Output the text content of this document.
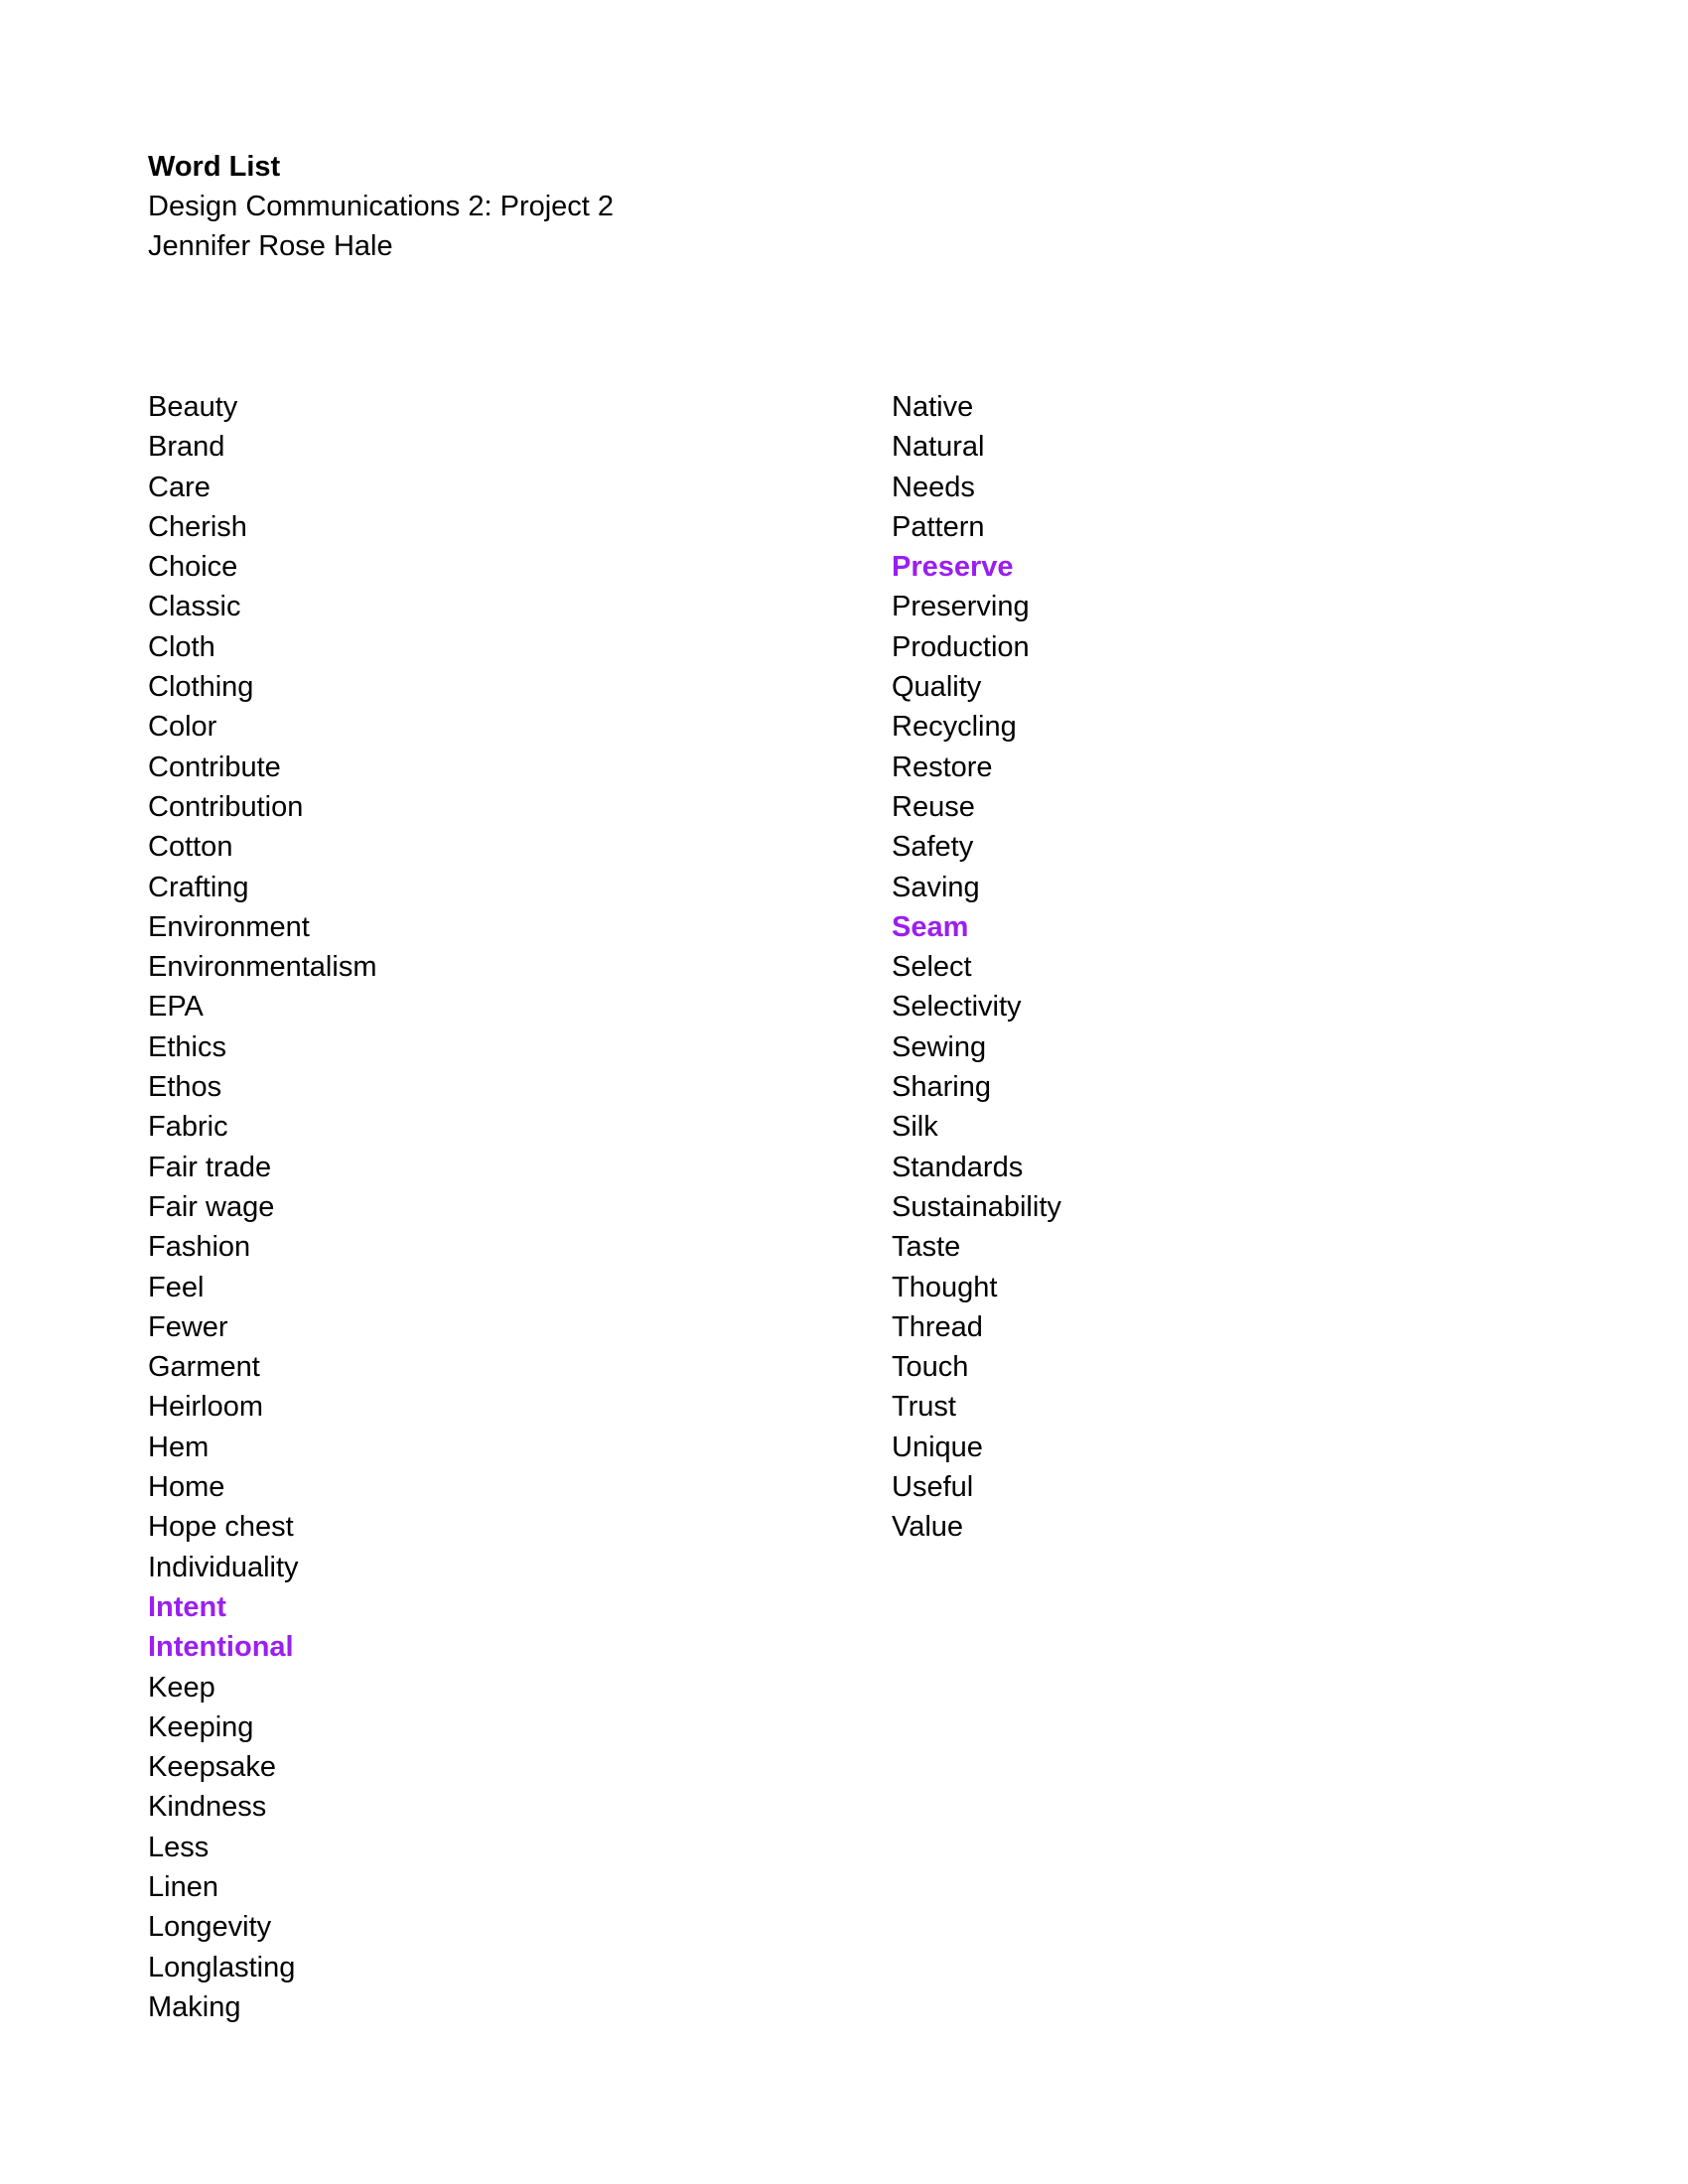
Word List
Design Communications 2: Project 2
Jennifer Rose Hale
Beauty
Brand
Care
Cherish
Choice
Classic
Cloth
Clothing
Color
Contribute
Contribution
Cotton
Crafting
Environment
Environmentalism
EPA
Ethics
Ethos
Fabric
Fair trade
Fair wage
Fashion
Feel
Fewer
Garment
Heirloom
Hem
Home
Hope chest
Individuality
Intent
Intentional
Keep
Keeping
Keepsake
Kindness
Less
Linen
Longevity
Longlasting
Making
Native
Natural
Needs
Pattern
Preserve
Preserving
Production
Quality
Recycling
Restore
Reuse
Safety
Saving
Seam
Select
Selectivity
Sewing
Sharing
Silk
Standards
Sustainability
Taste
Thought
Thread
Touch
Trust
Unique
Useful
Value
